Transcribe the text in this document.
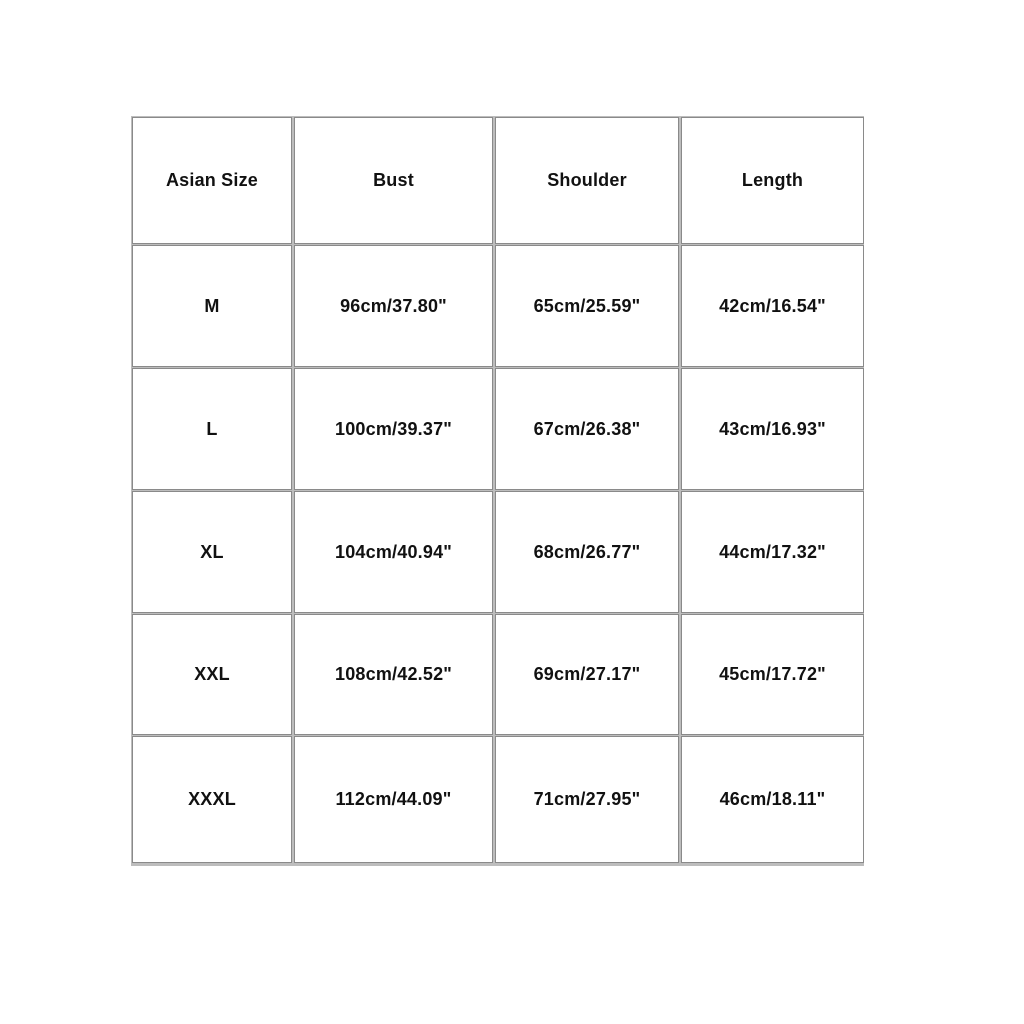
Asian Size	Bust	Shoulder	Length
M	96cm/37.80"	65cm/25.59"	42cm/16.54"
L	100cm/39.37"	67cm/26.38"	43cm/16.93"
XL	104cm/40.94"	68cm/26.77"	44cm/17.32"
XXL	108cm/42.52"	69cm/27.17"	45cm/17.72"
XXXL	112cm/44.09"	71cm/27.95"	46cm/18.11"
